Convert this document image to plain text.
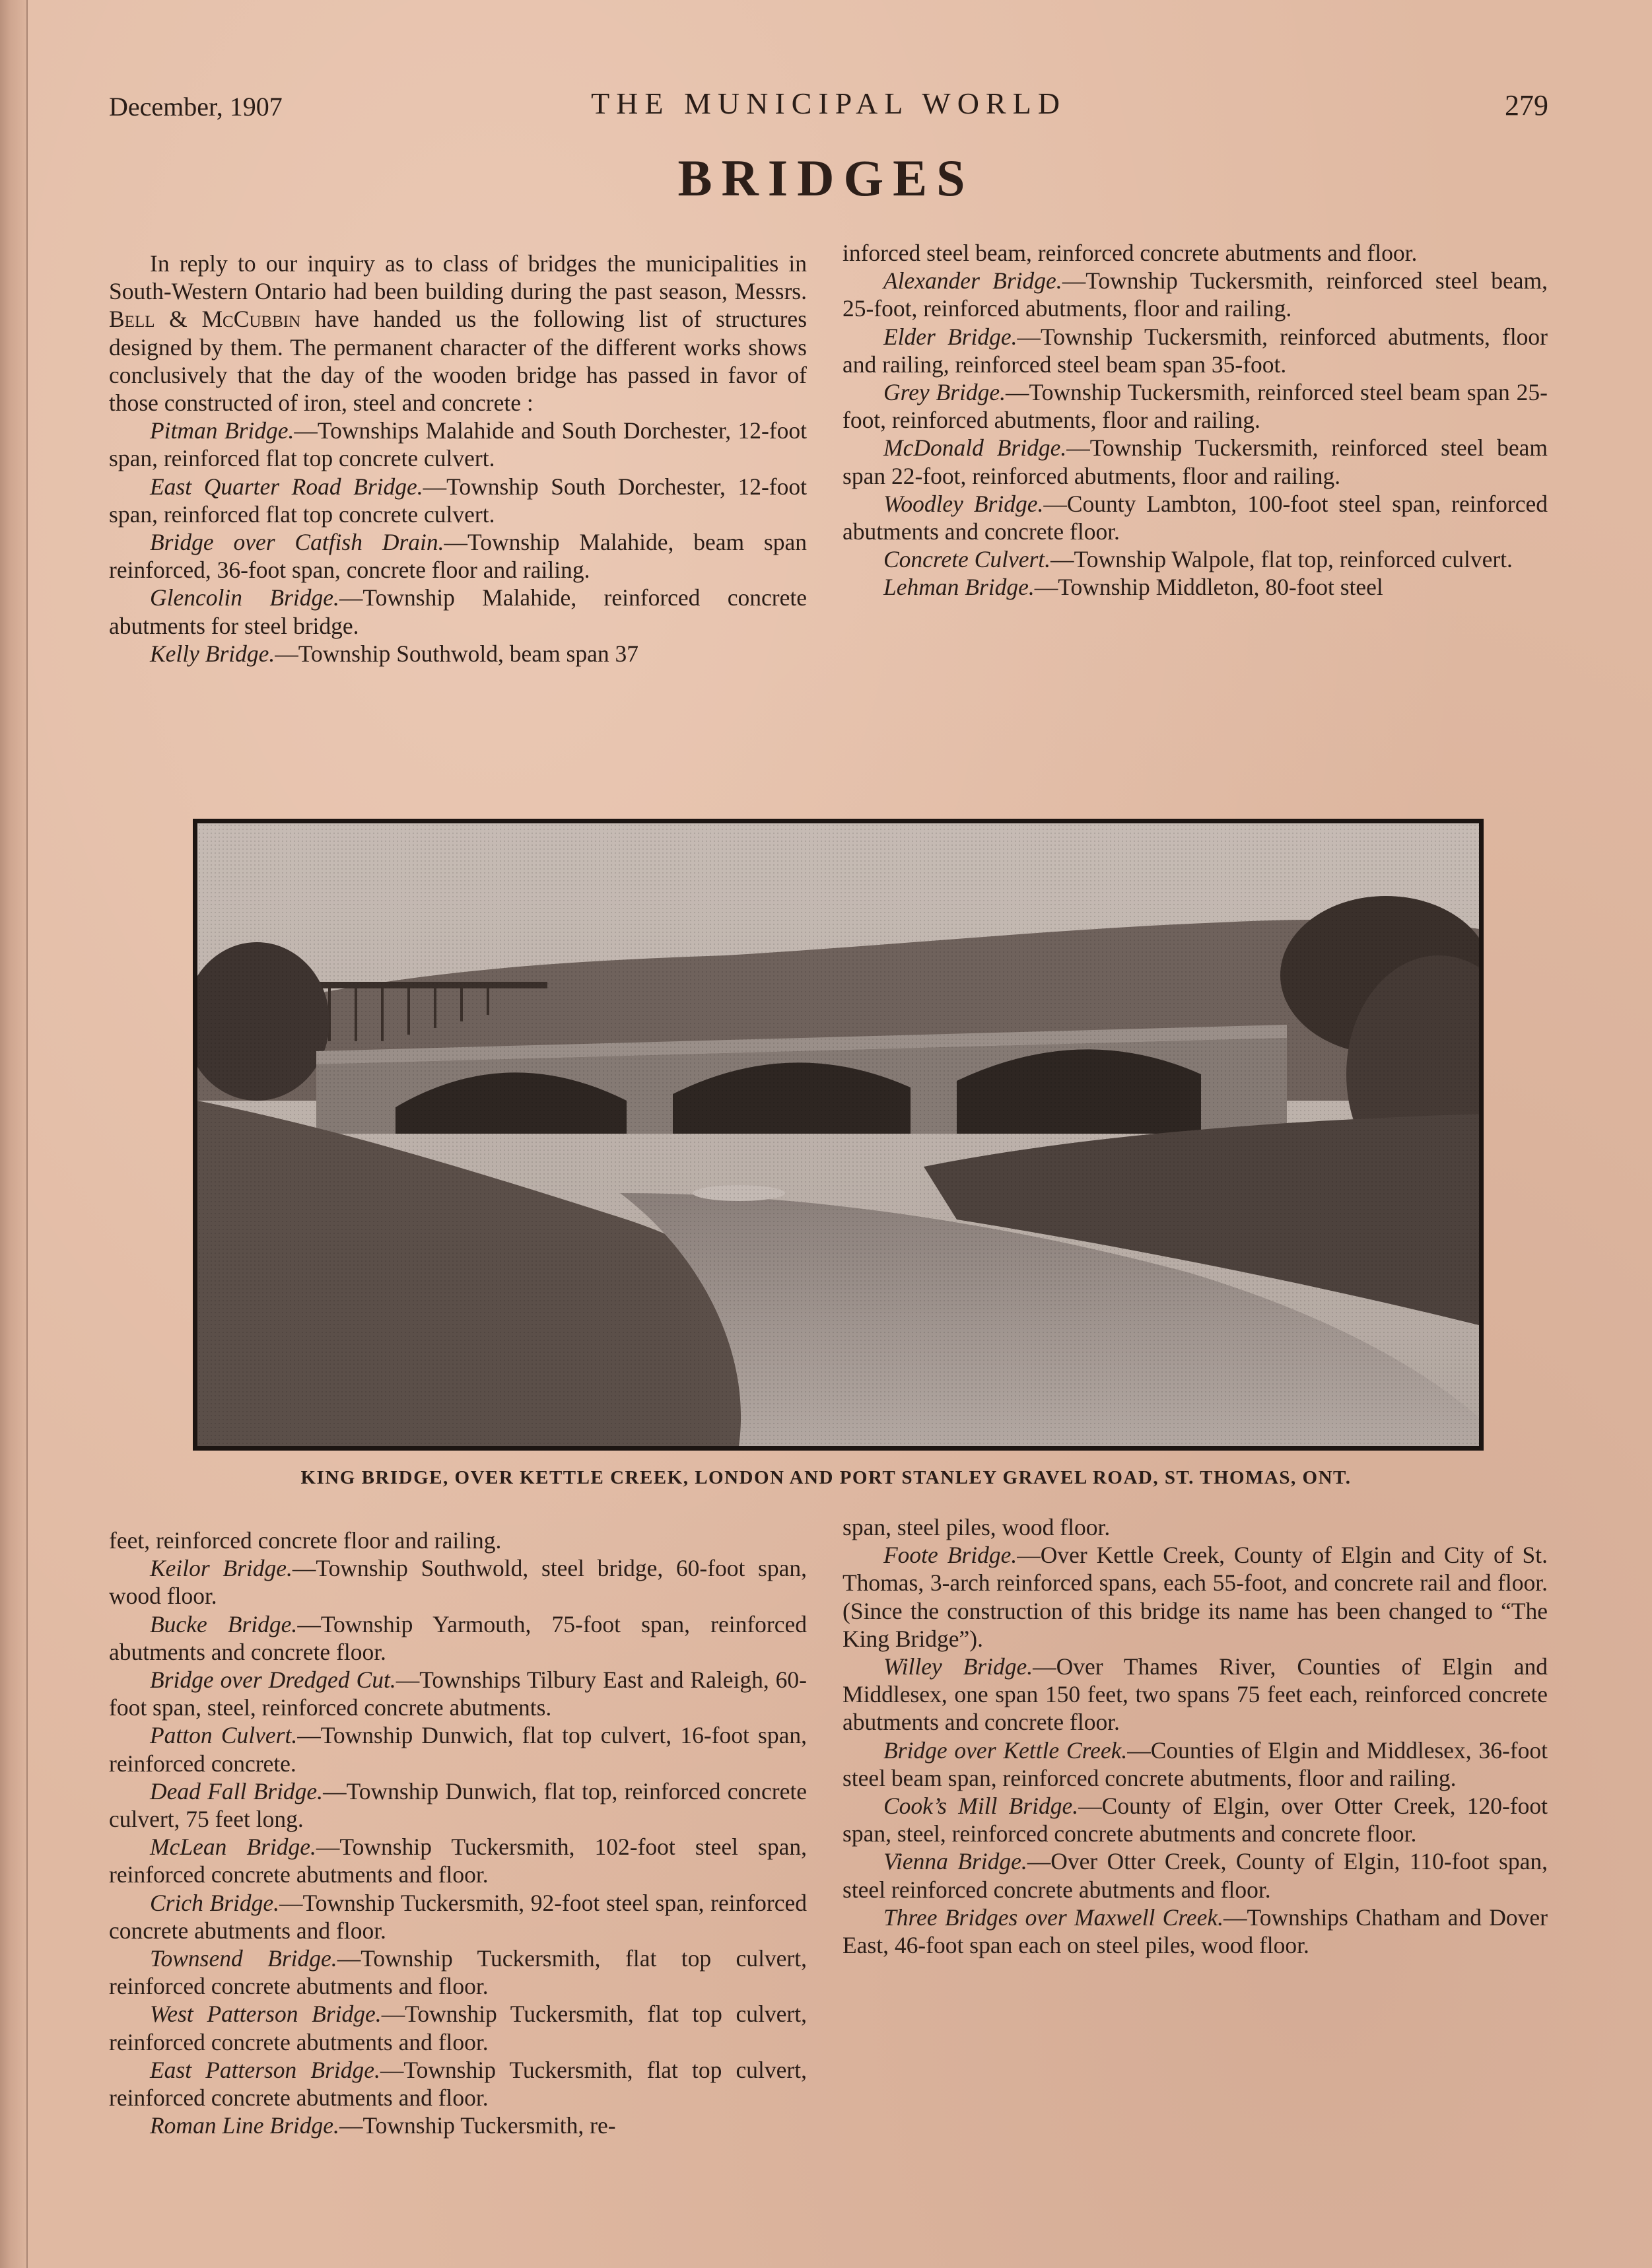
December, 1907	THE MUNICIPAL WORLD	279
BRIDGES

In reply to our inquiry as to class of bridges the municipalities in South-Western Ontario had been building during the past season, Messrs. Bell & McCubbin have handed us the following list of structures designed by them. The permanent character of the different works shows conclusively that the day of the wooden bridge has passed in favor of those constructed of iron, steel and concrete :

Pitman Bridge.—Townships Malahide and South Dorchester, 12-foot span, reinforced flat top concrete culvert.

East Quarter Road Bridge.—Township South Dorchester, 12-foot span, reinforced flat top concrete culvert.

Bridge over Catfish Drain.—Township Malahide, beam span reinforced, 36-foot span, concrete floor and railing.

Glencolin Bridge.—Township Malahide, reinforced concrete abutments for steel bridge.

Kelly Bridge.—Township Southwold, beam span 37

inforced steel beam, reinforced concrete abutments and floor.

Alexander Bridge.—Township Tuckersmith, reinforced steel beam, 25-foot, reinforced abutments, floor and railing.

Elder Bridge.—Township Tuckersmith, reinforced abutments, floor and railing, reinforced steel beam span 35-foot.

Grey Bridge.—Township Tuckersmith, reinforced steel beam span 25-foot, reinforced abutments, floor and railing.

McDonald Bridge.—Township Tuckersmith, reinforced steel beam span 22-foot, reinforced abutments, floor and railing.

Woodley Bridge.—County Lambton, 100-foot steel span, reinforced abutments and concrete floor.

Concrete Culvert.—Township Walpole, flat top, reinforced culvert.

Lehman Bridge.—Township Middleton, 80-foot steel

KING BRIDGE, OVER KETTLE CREEK, LONDON AND PORT STANLEY GRAVEL ROAD, ST. THOMAS, ONT.

feet, reinforced concrete floor and railing.

Keilor Bridge.—Township Southwold, steel bridge, 60-foot span, wood floor.

Bucke Bridge.—Township Yarmouth, 75-foot span, reinforced abutments and concrete floor.

Bridge over Dredged Cut.—Townships Tilbury East and Raleigh, 60-foot span, steel, reinforced concrete abutments.

Patton Culvert.—Township Dunwich, flat top culvert, 16-foot span, reinforced concrete.

Dead Fall Bridge.—Township Dunwich, flat top, reinforced concrete culvert, 75 feet long.

McLean Bridge.—Township Tuckersmith, 102-foot steel span, reinforced concrete abutments and floor.

Crich Bridge.—Township Tuckersmith, 92-foot steel span, reinforced concrete abutments and floor.

Townsend Bridge.—Township Tuckersmith, flat top culvert, reinforced concrete abutments and floor.

West Patterson Bridge.—Township Tuckersmith, flat top culvert, reinforced concrete abutments and floor.

East Patterson Bridge.—Township Tuckersmith, flat top culvert, reinforced concrete abutments and floor.

Roman Line Bridge.—Township Tuckersmith, re-

span, steel piles, wood floor.

Foote Bridge.—Over Kettle Creek, County of Elgin and City of St. Thomas, 3-arch reinforced spans, each 55-foot, and concrete rail and floor. (Since the construction of this bridge its name has been changed to “The King Bridge”).

Willey Bridge.—Over Thames River, Counties of Elgin and Middlesex, one span 150 feet, two spans 75 feet each, reinforced concrete abutments and concrete floor.

Bridge over Kettle Creek.—Counties of Elgin and Middlesex, 36-foot steel beam span, reinforced concrete abutments, floor and railing.

Cook’s Mill Bridge.—County of Elgin, over Otter Creek, 120-foot span, steel, reinforced concrete abutments and concrete floor.

Vienna Bridge.—Over Otter Creek, County of Elgin, 110-foot span, steel reinforced concrete abutments and floor.

Three Bridges over Maxwell Creek.—Townships Chatham and Dover East, 46-foot span each on steel piles, wood floor.
